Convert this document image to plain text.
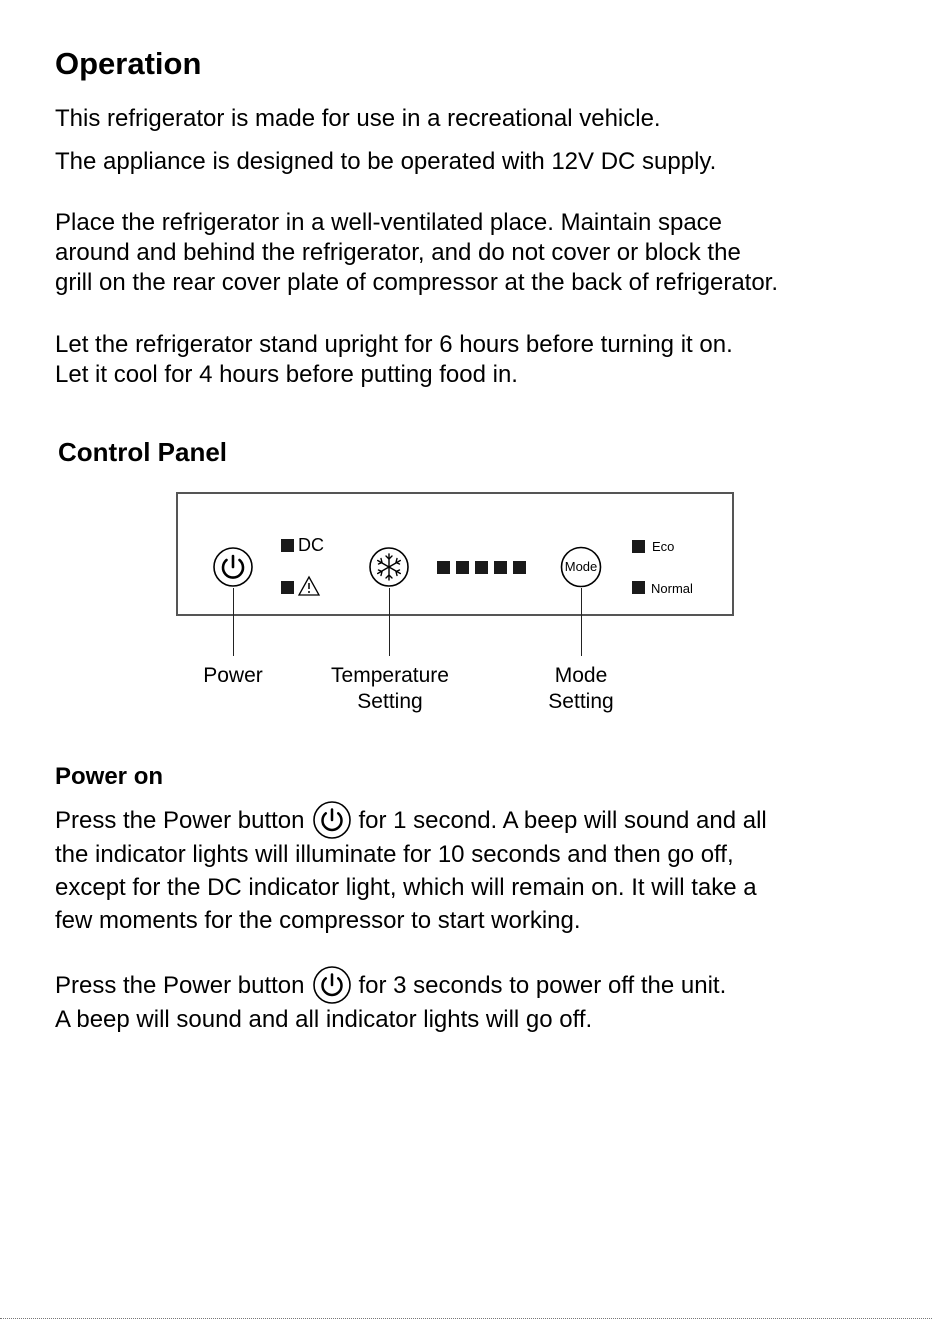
Operation
This refrigerator is made for use in a recreational vehicle.
The appliance is designed to be operated with 12V DC supply.
Place the refrigerator in a well-ventilated place. Maintain space
around and behind the refrigerator, and do not cover or block the
grill on the rear cover plate of compressor at the back of refrigerator.
Let the refrigerator stand upright for 6 hours before turning it on.
Let it cool for 4 hours before putting food in.
Control Panel
DC
Mode
Eco
Normal
Power	Temperature
Setting
Mode
Setting
Power on
Press the Power button for 1 second. A beep will sound and all
the indicator lights will illuminate for 10 seconds and then go off,
except for the DC indicator light, which will remain on. It will take a
few moments for the compressor to start working.
Press the Power button for 3 seconds to power off the unit.
A beep will sound and all indicator lights will go off.
